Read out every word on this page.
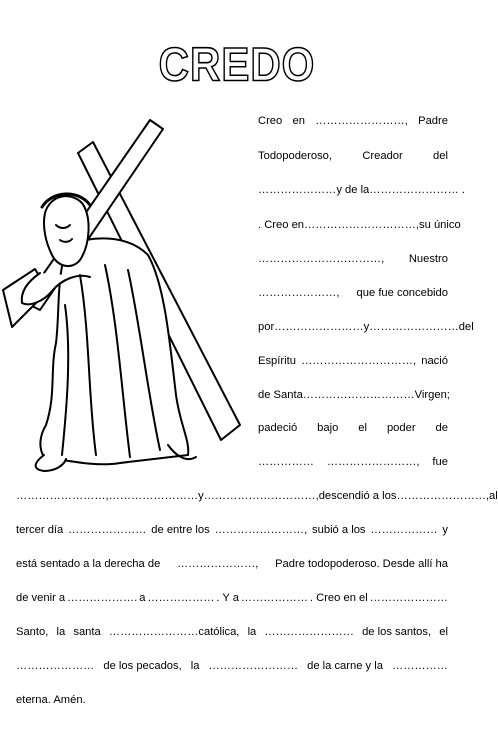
CREDO
Creo en ……………………, Padre
Todopoderoso,	Creador	del
………………… y de la …………………… .
. Creo en …………………………, su único
……………………………, Nuestro
…………………, que fue concebido
por …………………… y …………………… del
Espíritu …………………………, nació
de Santa ………………………… Virgen;
padeció bajo el poder de
…………… ……………………, fue
……………………, …………………… y …………………………, descendió a los ……………………, al
tercer día ………………… de entre los ……………………, subió a los ……………… y
está sentado a la derecha de …………………, Padre todopoderoso. Desde allí ha
de venir a ………………. a ……………… . Y a ……………… . Creo en el …………………
Santo, la santa ……………………católica, la …………………… de los santos, el
………………… de los pecados, la …………………… de la carne y la ……………
eterna. Amén.
